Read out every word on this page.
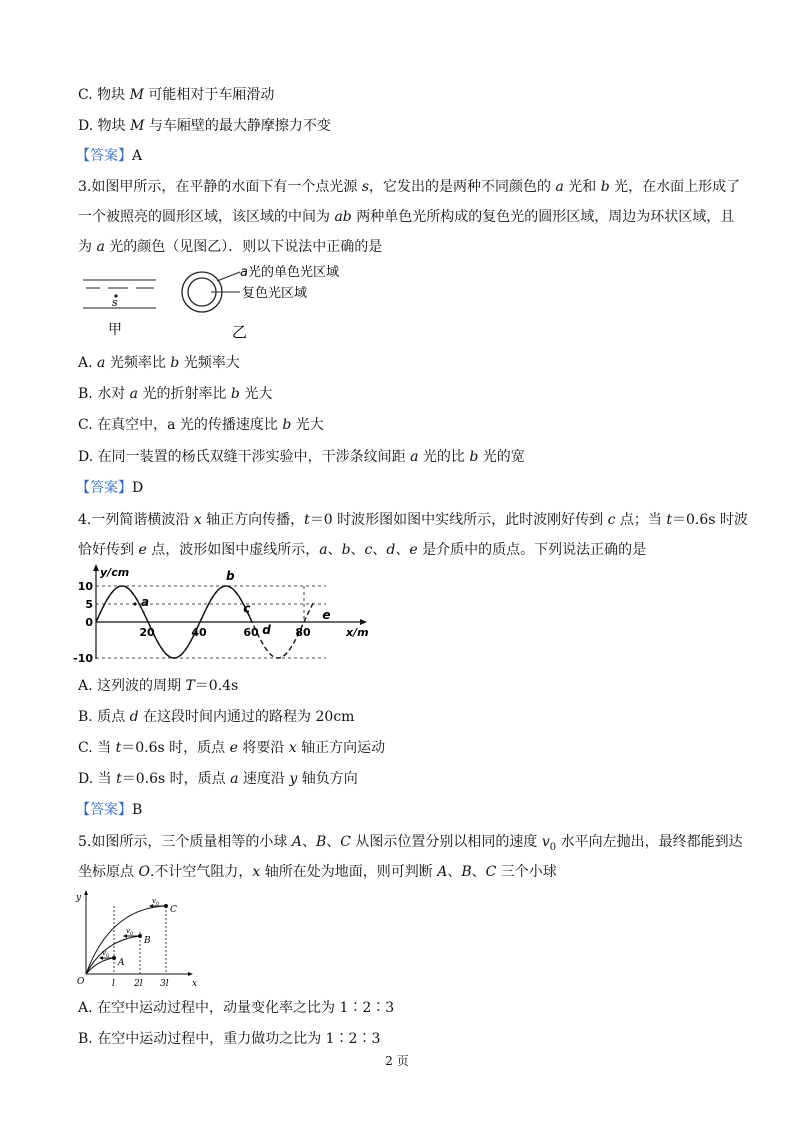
C. 物块 M 可能相对于车厢滑动
D. 物块 M 与车厢壁的最大静摩擦力不变
【答案】A
3.如图甲所示，在平静的水面下有一个点光源 s，它发出的是两种不同颜色的 a 光和 b 光，在水面上形成了
一个被照亮的圆形区域，该区域的中间为 ab 两种单色光所构成的复色光的圆形区域，周边为环状区域，且
为 a 光的颜色（见图乙）．则以下说法中正确的是
s
甲
a光的单色光区域
复色光区域
乙
A. a 光频率比 b 光频率大
B. 水对 a 光的折射率比 b 光大
C. 在真空中，a 光的传播速度比 b 光大
D. 在同一装置的杨氏双缝干涉实验中，干涉条纹间距 a 光的比 b 光的宽
【答案】D
4.一列简谐横波沿 x 轴正方向传播，t＝0 时波形图如图中实线所示，此时波刚好传到 c 点；当 t＝0.6s 时波
恰好传到 e 点，波形如图中虚线所示，a、b、c、d、e 是介质中的质点。下列说法正确的是
y/cm
x/m
10
5
0
-10
20	40	60	80
a
b
c
d
e
A. 这列波的周期 T＝0.4s
B. 质点 d 在这段时间内通过的路程为 20cm
C. 当 t＝0.6s 时，质点 e 将要沿 x 轴正方向运动
D. 当 t＝0.6s 时，质点 a 速度沿 y 轴负方向
【答案】B
5.如图所示，三个质量相等的小球 A、B、C 从图示位置分别以相同的速度 $v_0$ 水平向左抛出，最终都能到达
坐标原点 O.不计空气阻力，x 轴所在处为地面，则可判断 A、B、C 三个小球
y
x
O
A
B
C
$v_0$
$v_0$
$v_0$
l 2l 3l
A. 在空中运动过程中，动量变化率之比为 1∶2∶3
B. 在空中运动过程中，重力做功之比为 1∶2∶3
2 页
